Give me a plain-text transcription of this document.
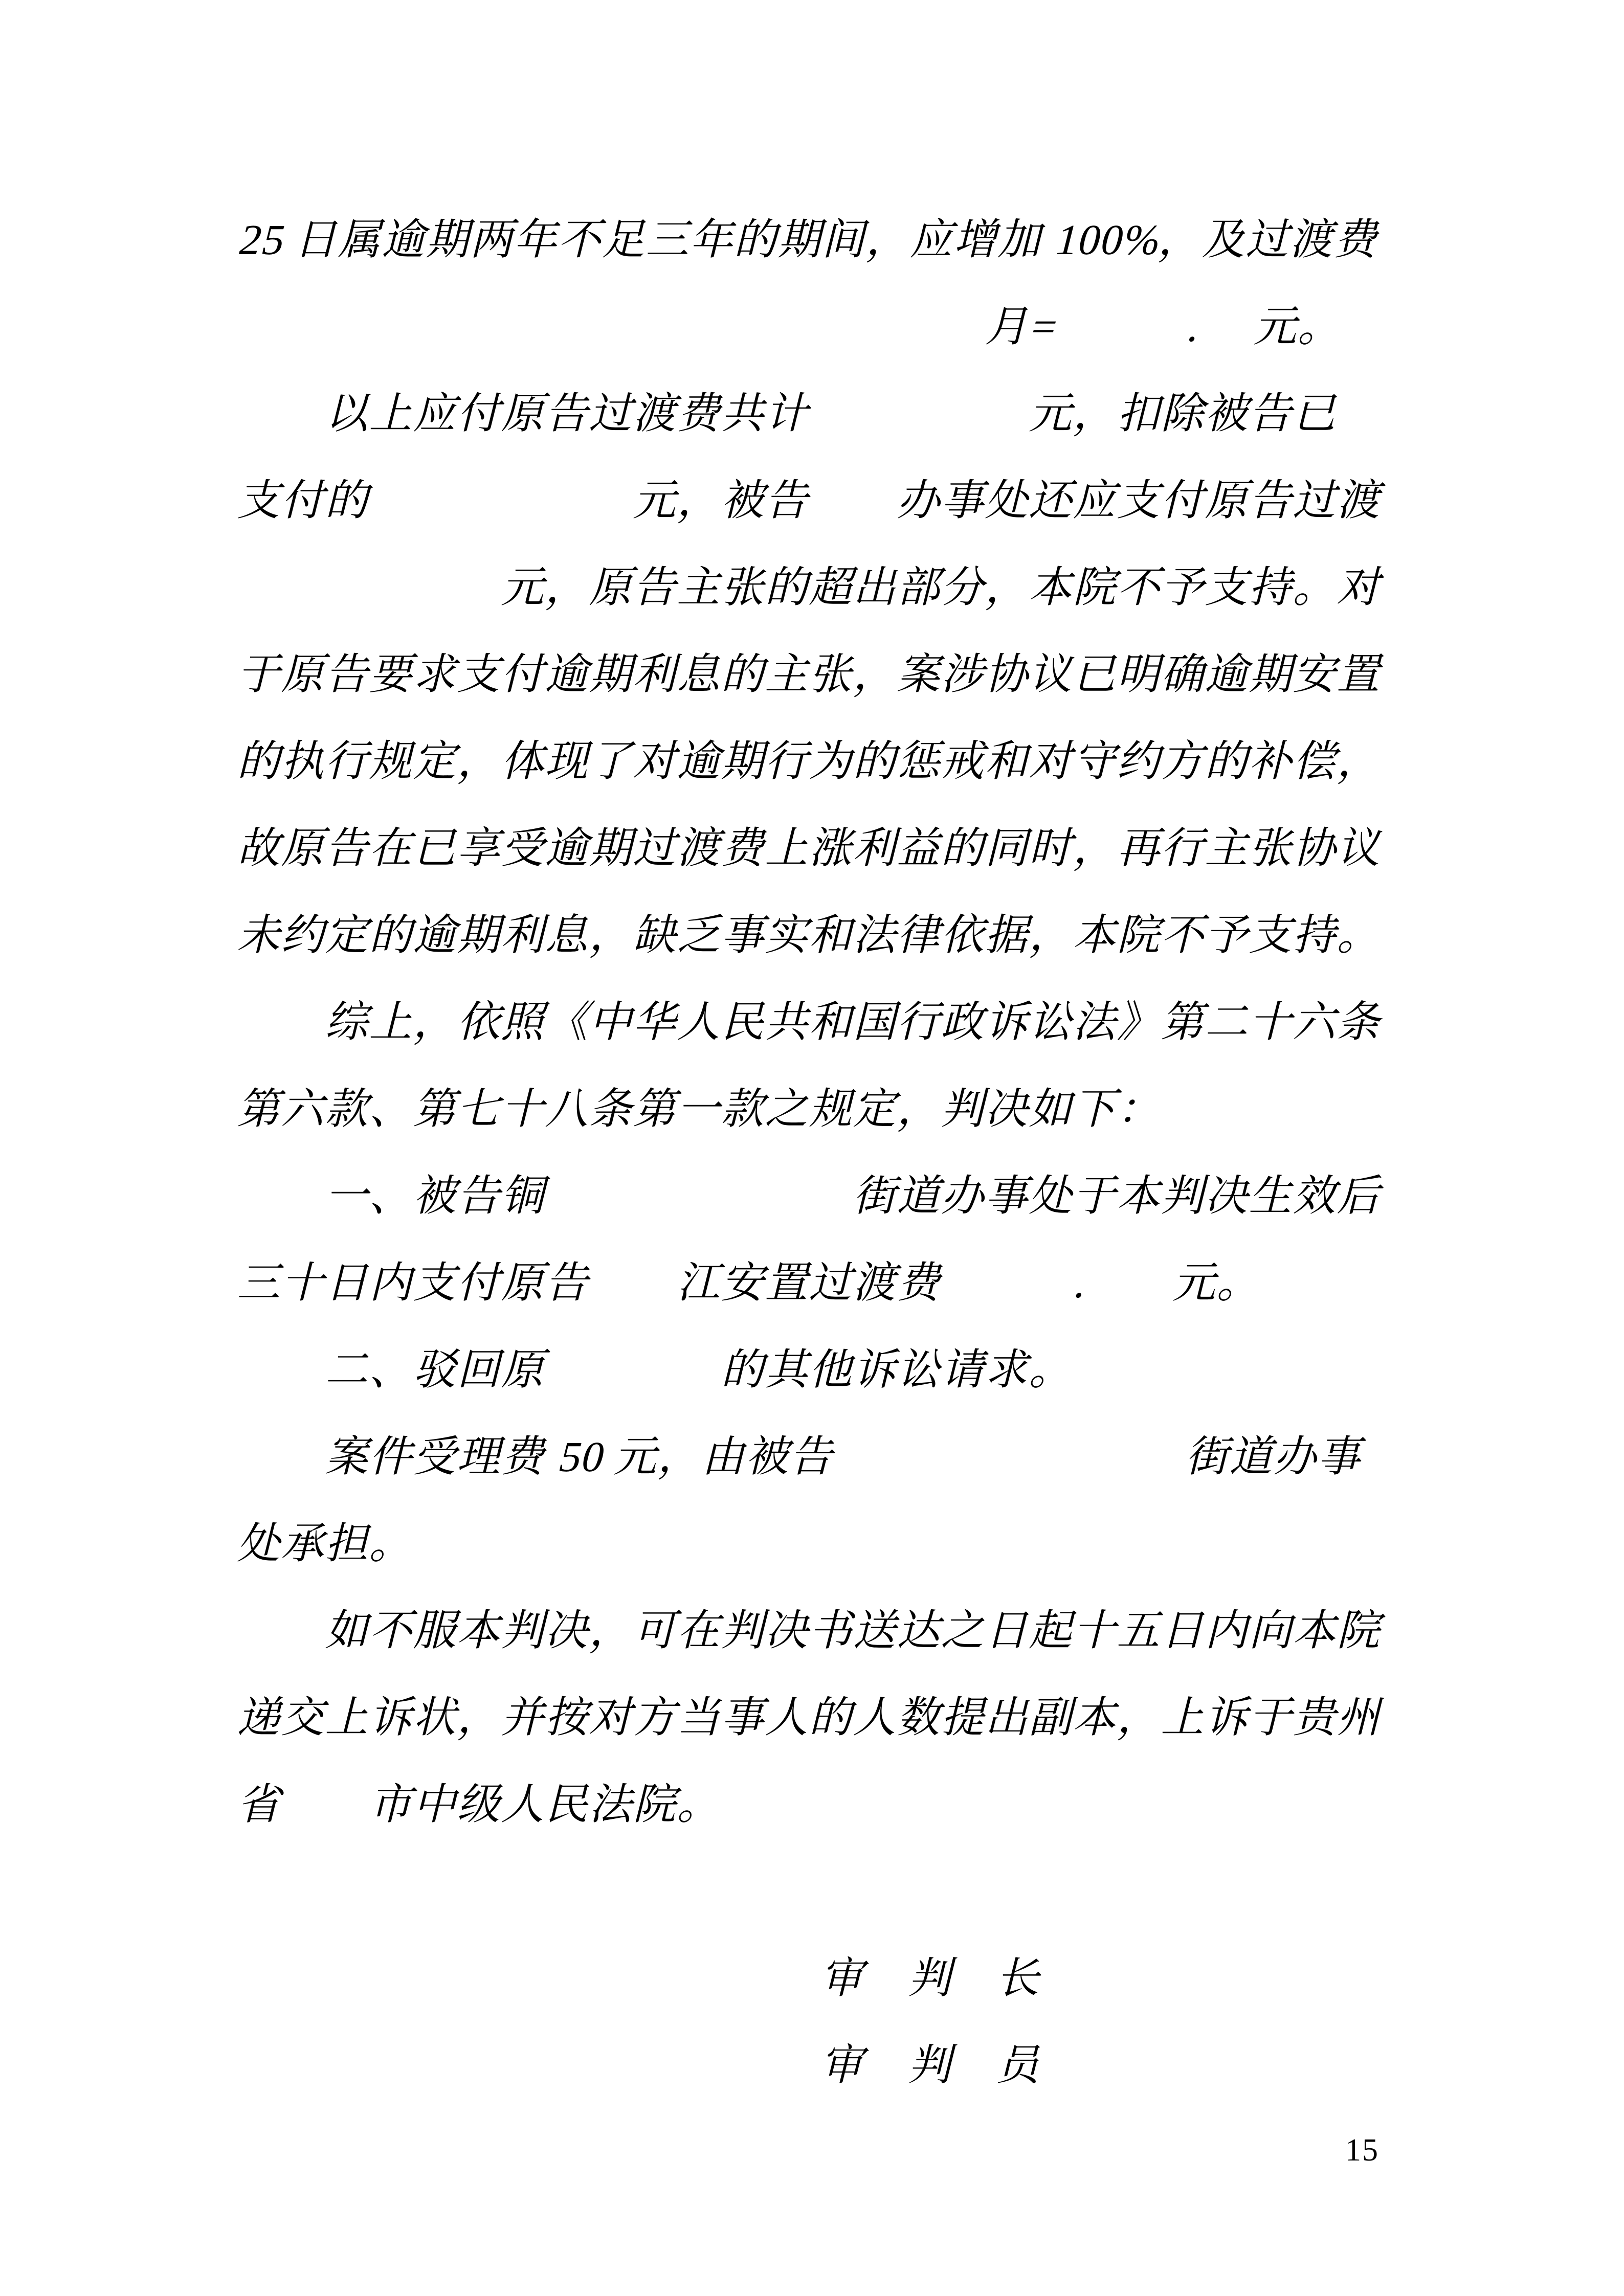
25 日属逾期两年不足三年的期间，应增加 100%，及过渡费
　　　　　　　　　　　　　　　　　月=　　　.　 元。
　　以上应付原告过渡费共计　　　　　元，扣除被告已
支付的　　　　　　元，被告　　办事处还应支付原告过渡
　　　　　　元，原告主张的超出部分，本院不予支持。对
于原告要求支付逾期利息的主张，案涉协议已明确逾期安置
的执行规定，体现了对逾期行为的惩戒和对守约方的补偿，
故原告在已享受逾期过渡费上涨利益的同时，再行主张协议
未约定的逾期利息，缺乏事实和法律依据，本院不予支持。
　　综上，依照《中华人民共和国行政诉讼法》第二十六条
第六款、第七十八条第一款之规定，判决如下：
　　一、被告铜　　　　　　　街道办事处于本判决生效后
三十日内支付原告　　江安置过渡费　　　.　　元。
　　二、驳回原　　　　的其他诉讼请求。
　　案件受理费 50 元，由被告　　　　　　　　街道办事
处承担。
　　如不服本判决，可在判决书送达之日起十五日内向本院
递交上诉状，并按对方当事人的人数提出副本，上诉于贵州
省　　市中级人民法院。
审　判　长
审　判　员
15
